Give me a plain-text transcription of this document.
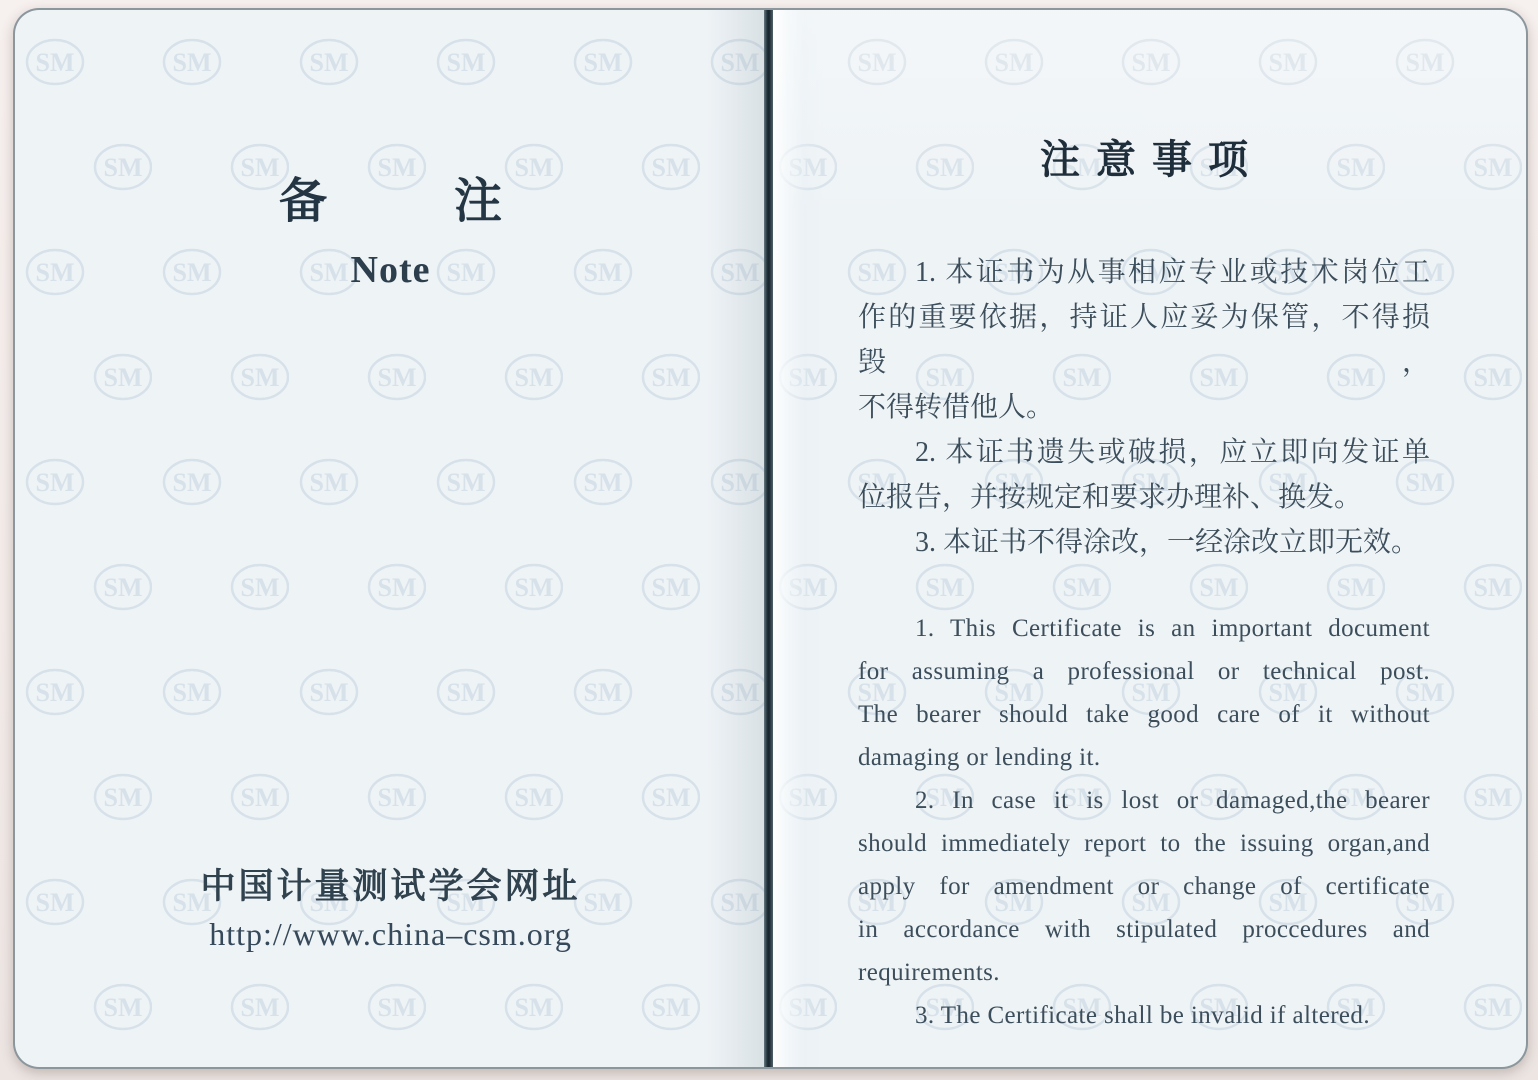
备	注
Note
中国计量测试学会网址
http://www.china–csm.org
注意事项
1. 本证书为从事相应专业或技术岗位工
作的重要依据，持证人应妥为保管，不得损毁，
不得转借他人。
2. 本证书遗失或破损，应立即向发证单
位报告，并按规定和要求办理补、换发。
3. 本证书不得涂改，一经涂改立即无效。
1. This Certificate is an important document
for assuming a professional or technical post.
The bearer should take good care of it without
damaging or lending it.
2. In case it is lost or damaged,the bearer
should immediately report to the issuing organ,and
apply for amendment or change of certificate
in accordance with stipulated proccedures and
requirements.
3. The Certificate shall be invalid if altered.
